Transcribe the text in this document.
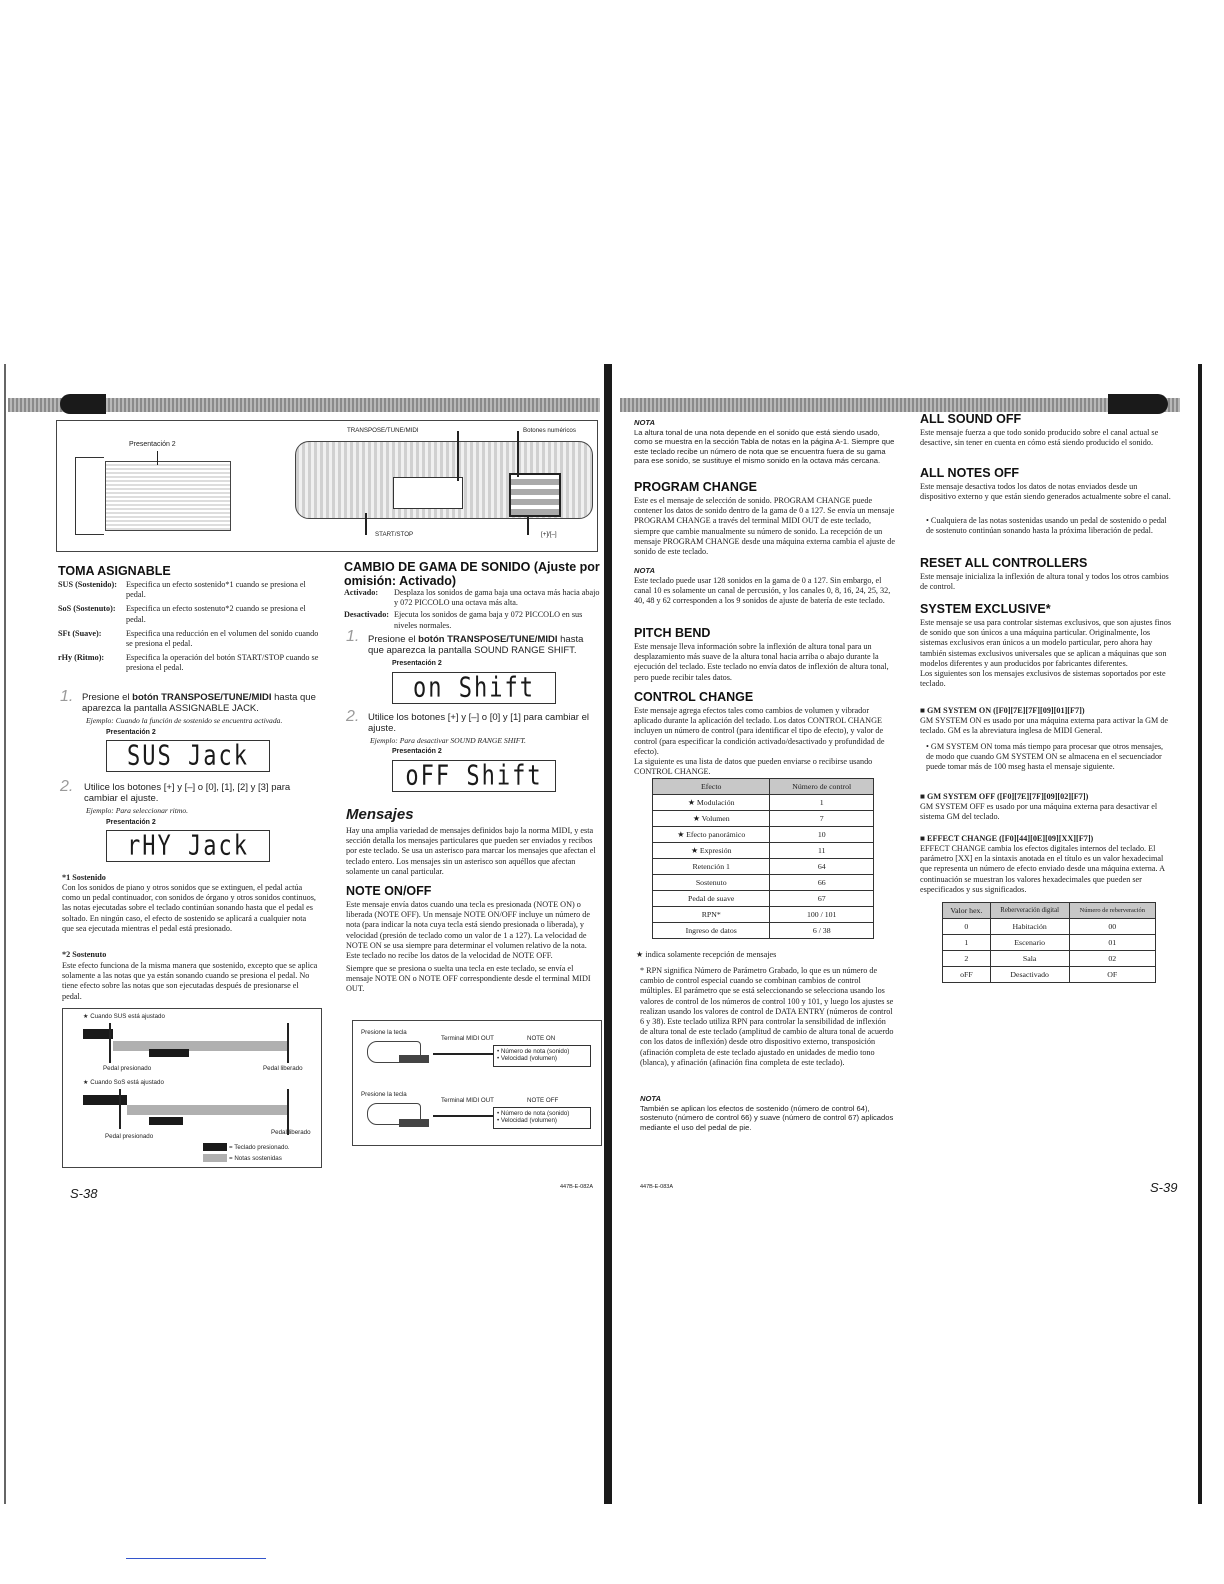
Presentación 2
TRANSPOSE/TUNE/MIDI	Botones numéricos
START/STOP	[+]/[–]
TOMA ASIGNABLE
SUS (Sostenido):	Especifica un efecto sostenido*1 cuando se presiona el pedal.
SoS (Sostenuto):	Especifica un efecto sostenuto*2 cuando se presiona el pedal.
SFt (Suave):	Especifica una reducción en el volumen del sonido cuando se presiona el pedal.
rHy (Ritmo):	Especifica la operación del botón START/STOP cuando se presiona el pedal.
1. Presione el botón TRANSPOSE/TUNE/MIDI hasta que aparezca la pantalla ASSIGNABLE JACK.
Ejemplo: Cuando la función de sostenido se encuentra activada.
Presentación 2
SUS Jack
2. Utilice los botones [+] y [–] o [0], [1], [2] y [3] para cambiar el ajuste.
Ejemplo: Para seleccionar ritmo.
Presentación 2
rHY Jack
*1 Sostenido
Con los sonidos de piano y otros sonidos que se extinguen, el pedal actúa como un pedal continuador, con sonidos de órgano y otros sonidos continuos, las notas ejecutadas sobre el teclado continúan sonando hasta que el pedal es soltado. En ningún caso, el efecto de sostenido se aplicará a cualquier nota que sea ejecutada mientras el pedal está presionado.
*2 Sostenuto
Este efecto funciona de la misma manera que sostenido, excepto que se aplica solamente a las notas que ya están sonando cuando se presiona el pedal. No tiene efecto sobre las notas que son ejecutadas después de presionarse el pedal.
★ Cuando SUS está ajustado
Pedal presionado	Pedal liberado
★ Cuando SoS está ajustado
Pedal presionado
Pedal liberado
= Teclado presionado.
= Notas sostenidas
S-38
CAMBIO DE GAMA DE SONIDO (Ajuste por omisión: Activado)
Activado:	Desplaza los sonidos de gama baja una octava más hacia abajo y 072 PICCOLO una octava más alta.
Desactivado: Ejecuta los sonidos de gama baja y 072 PICCOLO en sus niveles normales.
1. Presione el botón TRANSPOSE/TUNE/MIDI hasta que aparezca la pantalla SOUND RANGE SHIFT.
Presentación 2
on Shift
2. Utilice los botones [+] y [–] o [0] y [1] para cambiar el ajuste.
Ejemplo: Para desactivar SOUND RANGE SHIFT.
Presentación 2
oFF Shift
Mensajes
Hay una amplia variedad de mensajes definidos bajo la norma MIDI, y esta sección detalla los mensajes particulares que pueden ser enviados y recibos por este teclado. Se usa un asterisco para marcar los mensajes que afectan el teclado entero. Los mensajes sin un asterisco son aquéllos que afectan solamente un canal particular.
NOTE ON/OFF
Este mensaje envía datos cuando una tecla es presionada (NOTE ON) o liberada (NOTE OFF). Un mensaje NOTE ON/OFF incluye un número de nota (para indicar la nota cuya tecla está siendo presionada o liberada), y velocidad (presión de teclado como un valor de 1 a 127). La velocidad de NOTE ON se usa siempre para determinar el volumen relativo de la nota. Este teclado no recibe los datos de la velocidad de NOTE OFF.
Siempre que se presiona o suelta una tecla en este teclado, se envía el mensaje NOTE ON o NOTE OFF correspondiente desde el terminal MIDI OUT.
Presione la tecla
Terminal MIDI OUT	NOTE ON
• Número de nota (sonido)
• Velocidad (volumen)
Presione la tecla
Terminal MIDI OUT	NOTE OFF
• Número de nota (sonido)
• Velocidad (volumen)
447B-E-082A
NOTA
La altura tonal de una nota depende en el sonido que está siendo usado, como se muestra en la sección Tabla de notas en la página A-1. Siempre que este teclado recibe un número de nota que se encuentra fuera de su gama para ese sonido, se sustituye el mismo sonido en la octava más cercana.
PROGRAM CHANGE
Este es el mensaje de selección de sonido. PROGRAM CHANGE puede contener los datos de sonido dentro de la gama de 0 a 127. Se envía un mensaje PROGRAM CHANGE a través del terminal MIDI OUT de este teclado, siempre que cambie manualmente su número de sonido. La recepción de un mensaje PROGRAM CHANGE desde una máquina externa cambia el ajuste de sonido de este teclado.
NOTA
Este teclado puede usar 128 sonidos en la gama de 0 a 127. Sin embargo, el canal 10 es solamente un canal de percusión, y los canales 0, 8, 16, 24, 25, 32, 40, 48 y 62 corresponden a los 9 sonidos de ajuste de batería de este teclado.
PITCH BEND
Este mensaje lleva información sobre la inflexión de altura tonal para un desplazamiento más suave de la altura tonal hacia arriba o abajo durante la ejecución del teclado. Este teclado no envía datos de inflexión de altura tonal, pero puede recibir tales datos.
CONTROL CHANGE
Este mensaje agrega efectos tales como cambios de volumen y vibrador aplicado durante la aplicación del teclado. Los datos CONTROL CHANGE incluyen un número de control (para identificar el tipo de efecto), y valor de control (para especificar la condición activado/desactivado y profundidad de efecto).
La siguiente es una lista de datos que pueden enviarse o recibirse usando CONTROL CHANGE.
Efecto	Número de control
★ Modulación	1
★ Volumen	7
★ Efecto panorámico	10
★ Expresión	11
Retención 1	64
Sostenuto	66
Pedal de suave	67
RPN*	100 / 101
Ingreso de datos	6 / 38
★ indica solamente recepción de mensajes
* RPN significa Número de Parámetro Grabado, lo que es un número de cambio de control especial cuando se combinan cambios de control múltiples. El parámetro que se está seleccionando se selecciona usando los valores de control de los números de control 100 y 101, y luego los ajustes se realizan usando los valores de control de DATA ENTRY (números de control 6 y 38). Este teclado utiliza RPN para controlar la sensibilidad de inflexión de altura tonal de este teclado (amplitud de cambio de altura tonal de acuerdo con los datos de inflexión) desde otro dispositivo externo, transposición (afinación completa de este teclado ajustado en unidades de medio tono (blanca), y afinación (afinación fina completa de este teclado).
NOTA
También se aplican los efectos de sostenido (número de control 64), sostenuto (número de control 66) y suave (número de control 67) aplicados mediante el uso del pedal de pie.
447B-E-083A
ALL SOUND OFF
Este mensaje fuerza a que todo sonido producido sobre el canal actual se desactive, sin tener en cuenta en cómo está siendo producido el sonido.
ALL NOTES OFF
Este mensaje desactiva todos los datos de notas enviados desde un dispositivo externo y que están siendo generados actualmente sobre el canal.
• Cualquiera de las notas sostenidas usando un pedal de sostenido o pedal de sostenuto continúan sonando hasta la próxima liberación de pedal.
RESET ALL CONTROLLERS
Este mensaje inicializa la inflexión de altura tonal y todos los otros cambios de control.
SYSTEM EXCLUSIVE*
Este mensaje se usa para controlar sistemas exclusivos, que son ajustes finos de sonido que son únicos a una máquina particular. Originalmente, los sistemas exclusivos eran únicos a un modelo particular, pero ahora hay también sistemas exclusivos universales que se aplican a máquinas que son modelos diferentes y aun producidos por fabricantes diferentes.
Los siguientes son los mensajes exclusivos de sistemas soportados por este teclado.
■ GM SYSTEM ON ([F0][7E][7F][09][01][F7])
GM SYSTEM ON es usado por una máquina externa para activar la GM de teclado. GM es la abreviatura inglesa de MIDI General.
• GM SYSTEM ON toma más tiempo para procesar que otros mensajes, de modo que cuando GM SYSTEM ON se almacena en el secuenciador puede tomar más de 100 mseg hasta el mensaje siguiente.
■ GM SYSTEM OFF ([F0][7E][7F][09][02][F7])
GM SYSTEM OFF es usado por una máquina externa para desactivar el sistema GM del teclado.
■ EFFECT CHANGE ([F0][44][0E][09][XX][F7])
EFFECT CHANGE cambia los efectos digitales internos del teclado. El parámetro [XX] en la sintaxis anotada en el título es un valor hexadecimal que representa un número de efecto enviado desde una máquina externa. A continuación se muestran los valores hexadecimales que pueden ser especificados y sus significados.
Valor hex.	Reberveración digital	Número de reberveración
0	Habitación	00
1	Escenario	01
2	Sala	02
oFF	Desactivado	OF
S-39
